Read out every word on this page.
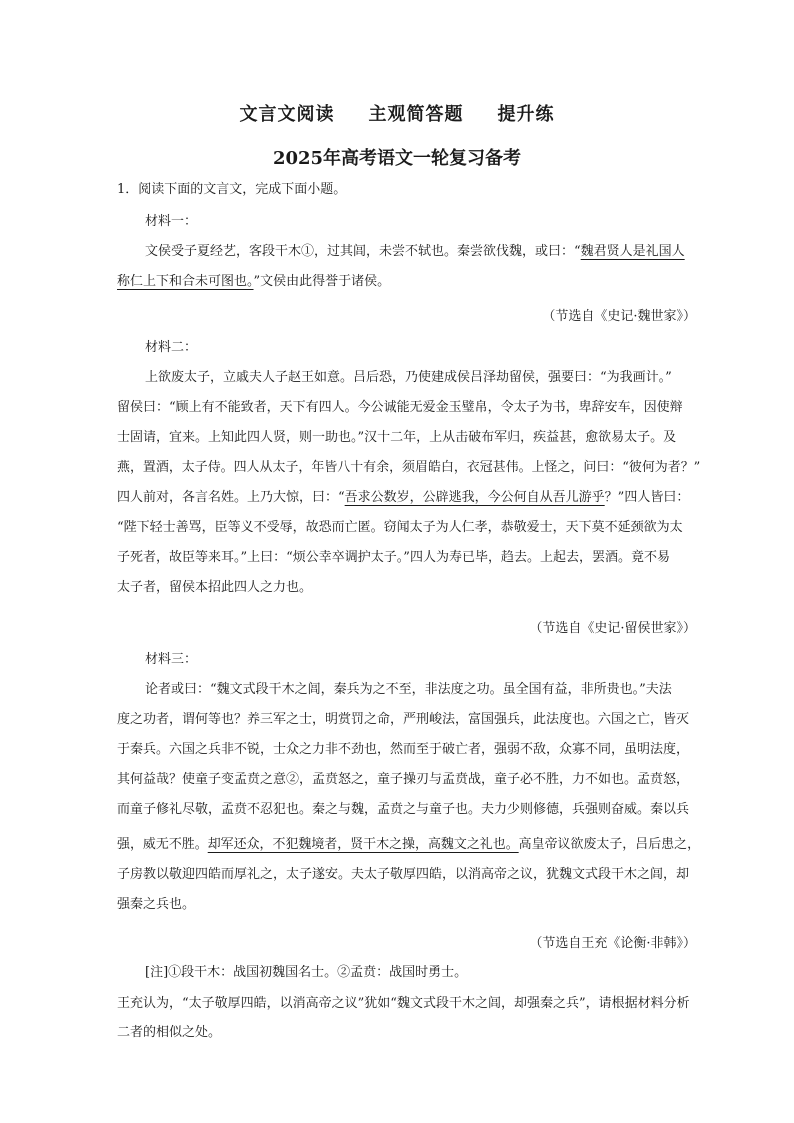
文言文阅读 主观简答题 提升练
2025年高考语文一轮复习备考
1．阅读下面的文言文，完成下面小题。
材料一：
文侯受子夏经艺，客段干木①，过其闾，未尝不轼也。秦尝欲伐魏，或曰：“魏君贤人是礼国人
称仁上下和合未可图也。”文侯由此得誉于诸侯。
（节选自《史记·魏世家》）
材料二：
上欲废太子，立戚夫人子赵王如意。吕后恐，乃使建成侯吕泽劫留侯，强要曰：“为我画计。”
留侯曰：“顾上有不能致者，天下有四人。今公诚能无爱金玉璧帛，令太子为书，卑辞安车，因使辩
士固请，宜来。上知此四人贤，则一助也。”汉十二年，上从击破布军归，疾益甚，愈欲易太子。及
燕，置酒，太子侍。四人从太子，年皆八十有余，须眉皓白，衣冠甚伟。上怪之，问曰：“彼何为者？”
四人前对，各言名姓。上乃大惊，曰：“吾求公数岁，公辟逃我，今公何自从吾儿游乎？”四人皆曰：
“陛下轻士善骂，臣等义不受辱，故恐而亡匿。窃闻太子为人仁孝，恭敬爱士，天下莫不延颈欲为太
子死者，故臣等来耳。”上曰：“烦公幸卒调护太子。”四人为寿已毕，趋去。上起去，罢酒。竟不易
太子者，留侯本招此四人之力也。
（节选自《史记·留侯世家》）
材料三：
论者或曰：“魏文式段干木之闾，秦兵为之不至，非法度之功。虽全国有益，非所贵也。”夫法
度之功者，谓何等也？养三军之士，明赏罚之命，严刑峻法，富国强兵，此法度也。六国之亡，皆灭
于秦兵。六国之兵非不锐，士众之力非不劲也，然而至于破亡者，强弱不敌，众寡不同，虽明法度，
其何益哉？使童子变孟贲之意②，孟贲怒之，童子操刃与孟贲战，童子必不胜，力不如也。孟贲怒，
而童子修礼尽敬，孟贲不忍犯也。秦之与魏，孟贲之与童子也。夫力少则修德，兵强则奋威。秦以兵
强，威无不胜。却军还众，不犯魏境者，贤干木之操，高魏文之礼也。高皇帝议欲废太子，吕后患之，
子房教以敬迎四皓而厚礼之，太子遂安。夫太子敬厚四皓，以消高帝之议，犹魏文式段干木之闾，却
强秦之兵也。
（节选自王充《论衡·非韩》）
[注]①段干木：战国初魏国名士。②孟贲：战国时勇士。
王充认为，“太子敬厚四皓，以消高帝之议”犹如“魏文式段干木之闾，却强秦之兵”，请根据材料分析
二者的相似之处。
